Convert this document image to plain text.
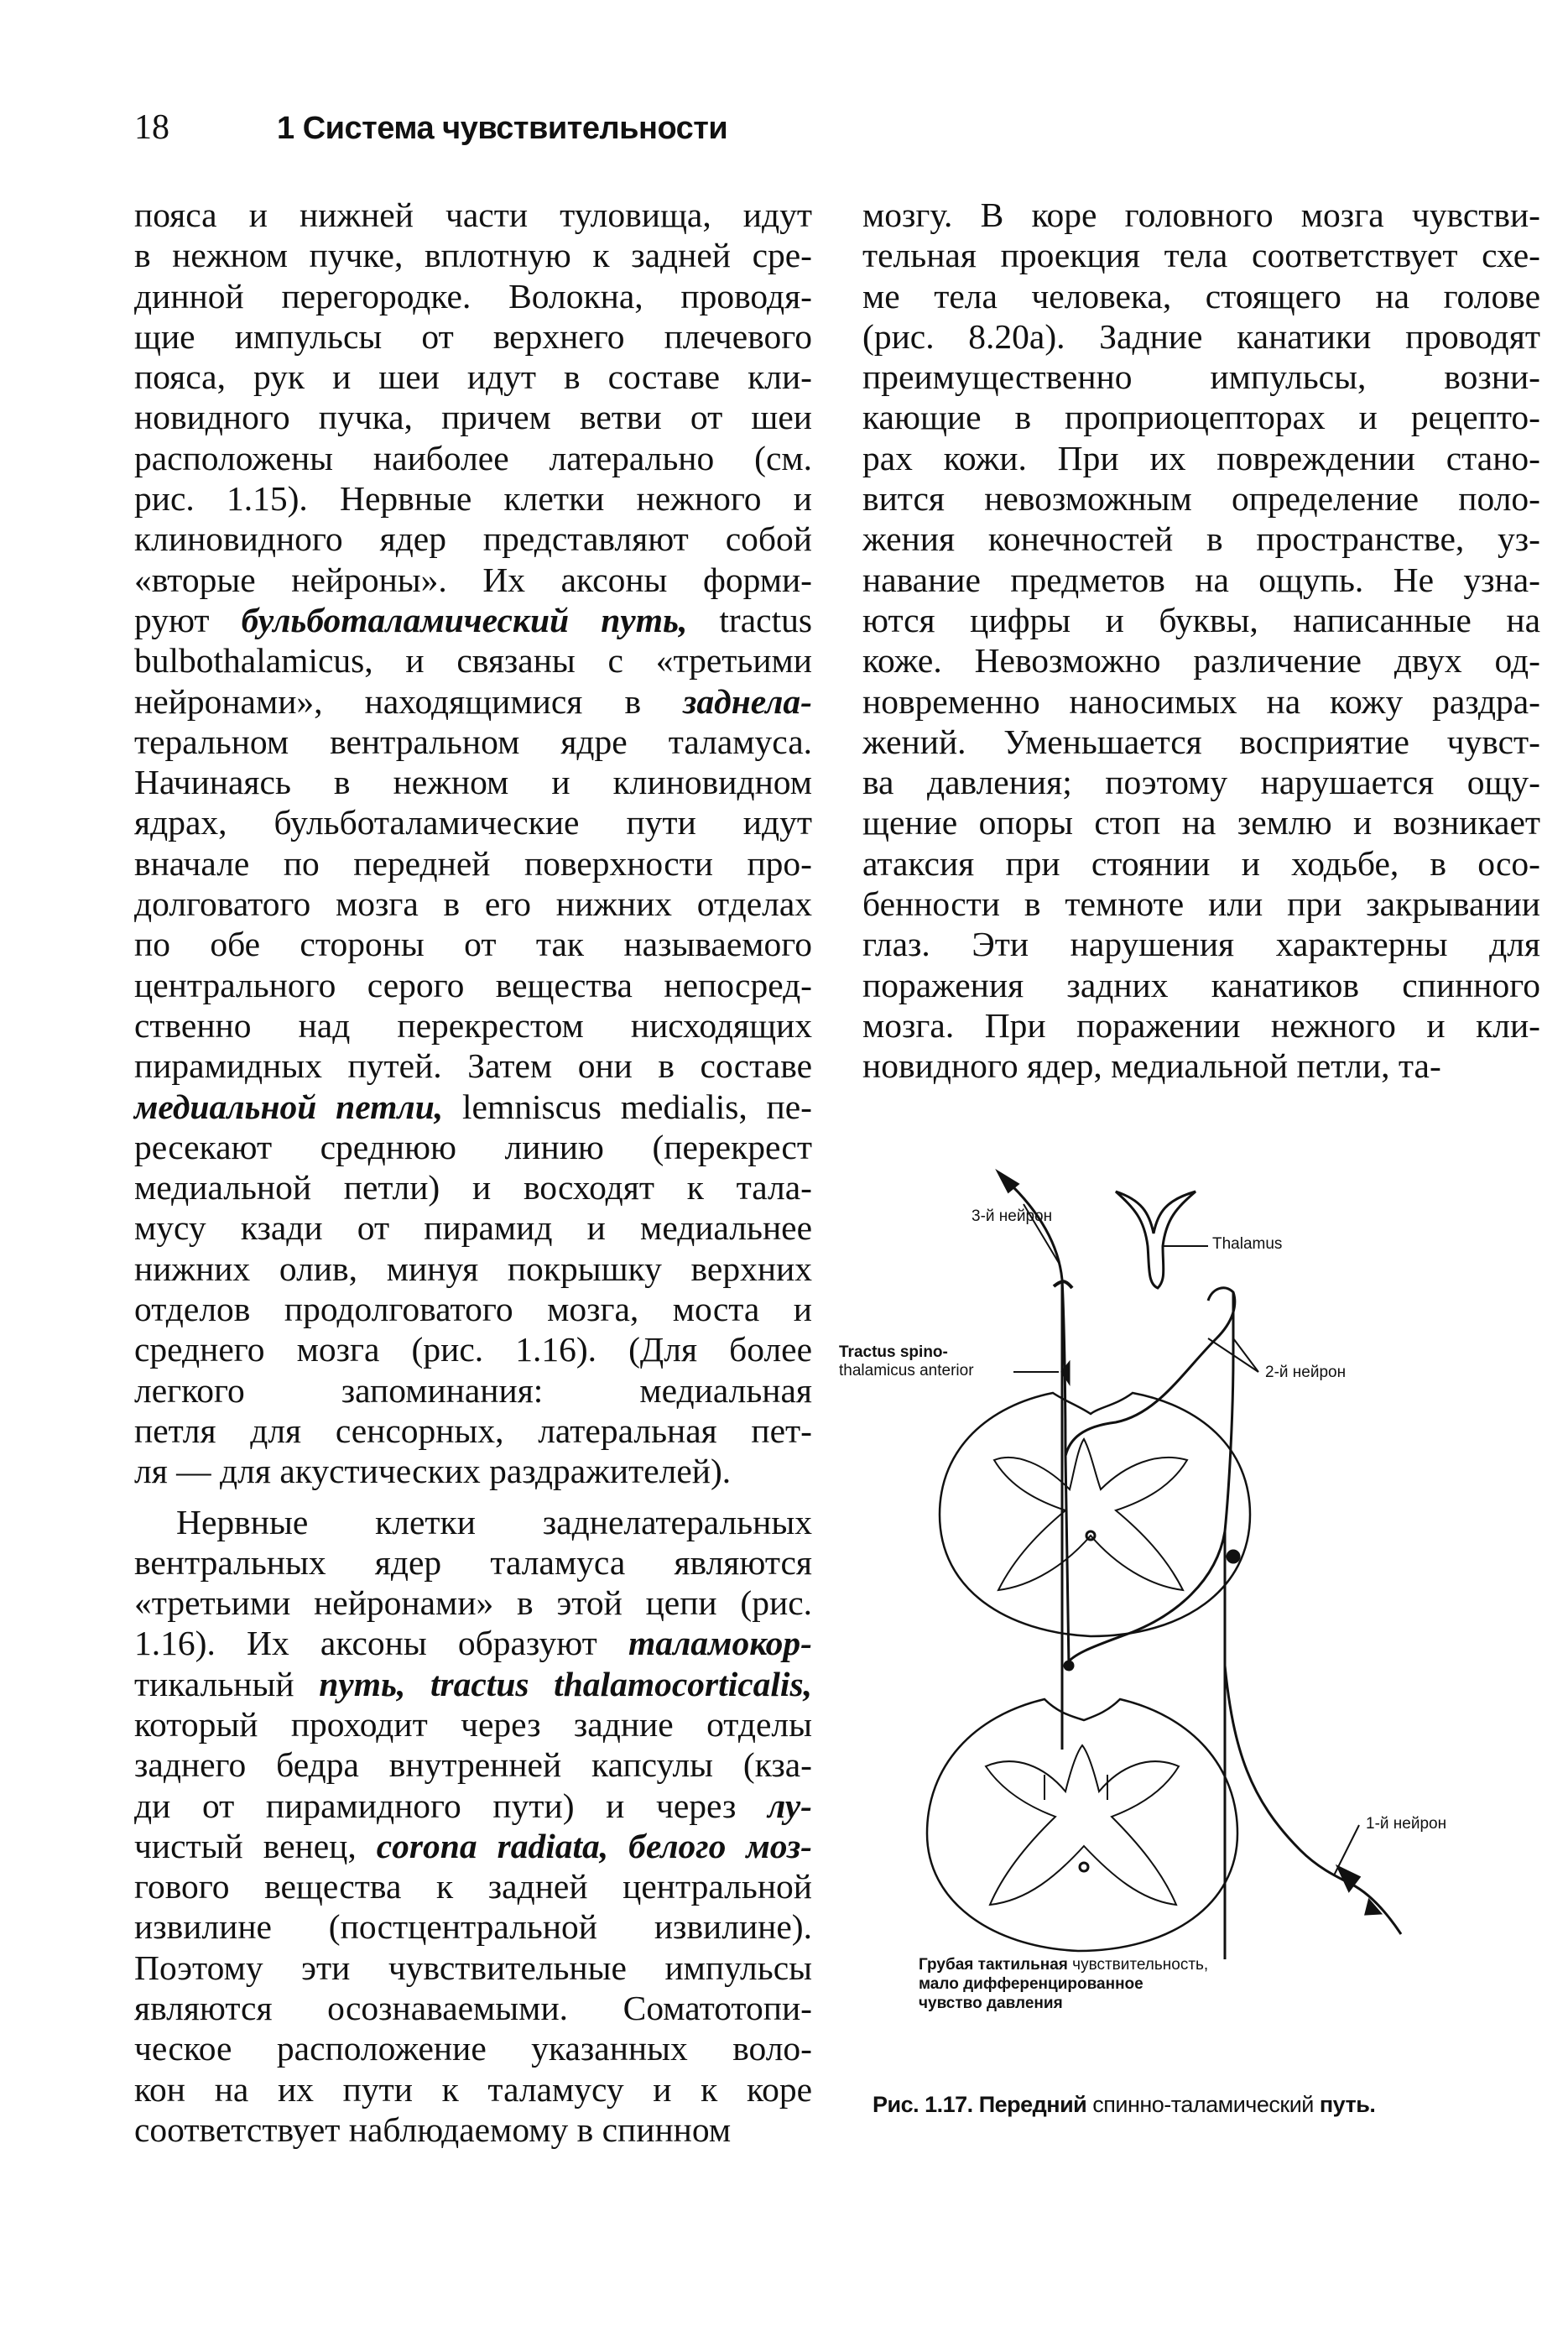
18	1 Система чувствительности
пояса и нижней части туловища, идут
в нежном пучке, вплотную к задней сре-
динной перегородке. Волокна, проводя-
щие импульсы от верхнего плечевого
пояса, рук и шеи идут в составе кли-
новидного пучка, причем ветви от шеи
расположены наиболее латерально (см.
рис. 1.15). Нервные клетки нежного и
клиновидного ядер представляют собой
«вторые нейроны». Их аксоны форми-
руют бульботаламический путь, tractus
bulbothalamicus, и связаны с «третьими
нейронами», находящимися в заднела-
теральном вентральном ядре таламуса.
Начинаясь в нежном и клиновидном
ядрах, бульботаламические пути идут
вначале по передней поверхности про-
долговатого мозга в его нижних отделах
по обе стороны от так называемого
центрального серого вещества непосред-
ственно над перекрестом нисходящих
пирамидных путей. Затем они в составе
медиальной петли, lemniscus medialis, пе-
ресекают среднюю линию (перекрест
медиальной петли) и восходят к тала-
мусу кзади от пирамид и медиальнее
нижних олив, минуя покрышку верхних
отделов продолговатого мозга, моста и
среднего мозга (рис. 1.16). (Для более
легкого запоминания: медиальная
петля для сенсорных, латеральная пет-
ля — для акустических раздражителей).
Нервные клетки заднелатеральных
вентральных ядер таламуса являются
«третьими нейронами» в этой цепи (рис.
1.16). Их аксоны образуют таламокор-
тикальный путь, tractus thalamocorticalis,
который проходит через задние отделы
заднего бедра внутренней капсулы (кза-
ди от пирамидного пути) и через лу-
чистый венец, corona radiata, белого моз-
гового вещества к задней центральной
извилине (постцентральной извилине).
Поэтому эти чувствительные импульсы
являются осознаваемыми. Соматотопи-
ческое расположение указанных воло-
кон на их пути к таламусу и к коре
соответствует наблюдаемому в спинном
мозгу. В коре головного мозга чувстви-
тельная проекция тела соответствует схе-
ме тела человека, стоящего на голове
(рис. 8.20а). Задние канатики проводят
преимущественно импульсы, возни-
кающие в проприоцепторах и рецепто-
рах кожи. При их повреждении стано-
вится невозможным определение поло-
жения конечностей в пространстве, уз-
навание предметов на ощупь. Не узна-
ются цифры и буквы, написанные на
коже. Невозможно различение двух од-
новременно наносимых на кожу раздра-
жений. Уменьшается восприятие чувст-
ва давления; поэтому нарушается ощу-
щение опоры стоп на землю и возникает
атаксия при стоянии и ходьбе, в осо-
бенности в темноте или при закрывании
глаз. Эти нарушения характерны для
поражения задних канатиков спинного
мозга. При поражении нежного и кли-
новидного ядер, медиальной петли, та-
3-й нейрон
Thalamus
Tractus spino-
thalamicus anterior	2-й нейрон
1-й нейрон
Грубая тактильная чувствительность,
мало дифференцированное
чувство давления
Рис. 1.17. Передний спинно-таламический путь.
